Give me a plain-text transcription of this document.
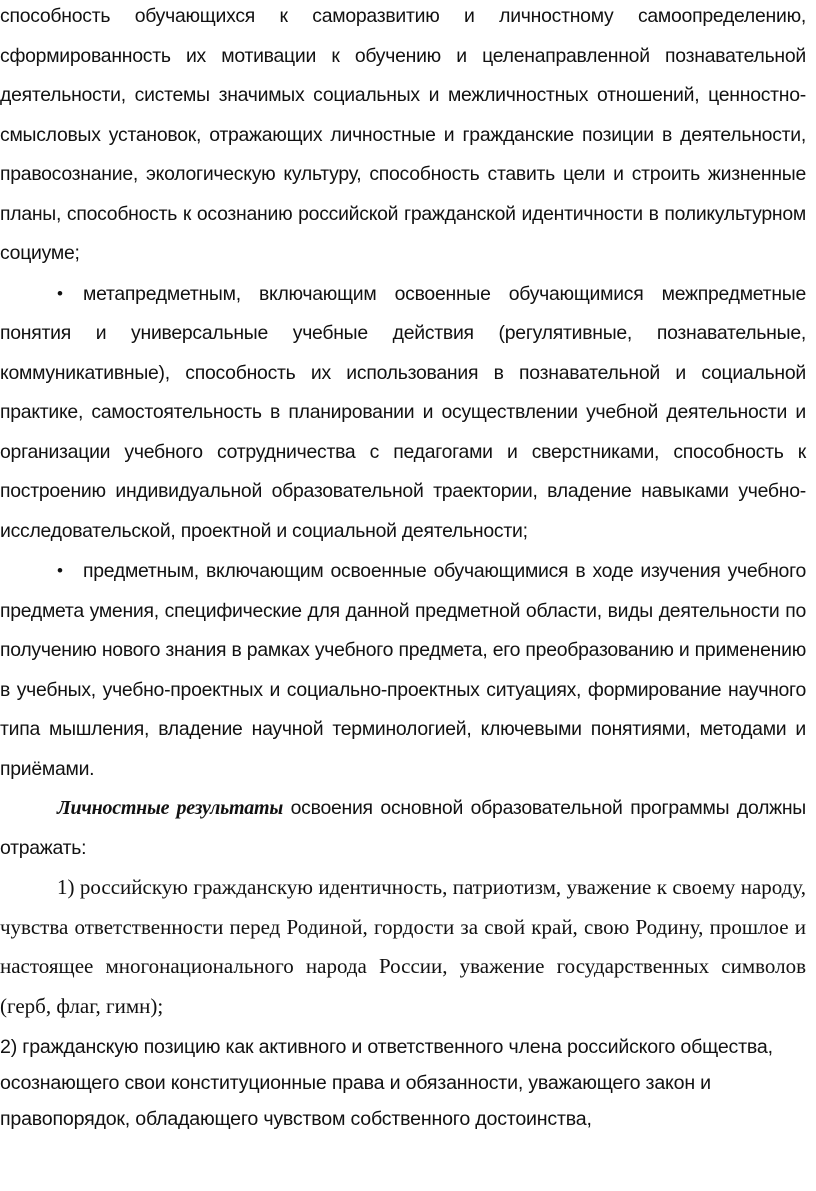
способность обучающихся к саморазвитию и личностному самоопределению, сформированность их мотивации к обучению и целенаправленной познавательной деятельности, системы значимых социальных и межличностных отношений, ценностно-смысловых установок, отражающих личностные и гражданские позиции в деятельности, правосознание, экологическую культуру, способность ставить цели и строить жизненные планы, способность к осознанию российской гражданской идентичности в поликультурном социуме;

• метапредметным, включающим освоенные обучающимися межпредметные понятия и универсальные учебные действия (регулятивные, познавательные, коммуникативные), способность их использования в познавательной и социальной практике, самостоятельность в планировании и осуществлении учебной деятельности и организации учебного сотрудничества с педагогами и сверстниками, способность к построению индивидуальной образовательной траектории, владение навыками учебно-исследовательской, проектной и социальной деятельности;

• предметным, включающим освоенные обучающимися в ходе изучения учебного предмета умения, специфические для данной предметной области, виды деятельности по получению нового знания в рамках учебного предмета, его преобразованию и применению в учебных, учебно-проектных и социально-проектных ситуациях, формирование научного типа мышления, владение научной терминологией, ключевыми понятиями, методами и приёмами.

Личностные результаты освоения основной образовательной программы должны отражать:

1) российскую гражданскую идентичность, патриотизм, уважение к своему народу, чувства ответственности перед Родиной, гордости за свой край, свою Родину, прошлое и настоящее многонационального народа России, уважение государственных символов (герб, флаг, гимн);

2) гражданскую позицию как активного и ответственного члена российского общества, осознающего свои конституционные права и обязанности, уважающего закон и правопорядок, обладающего чувством собственного достоинства,
